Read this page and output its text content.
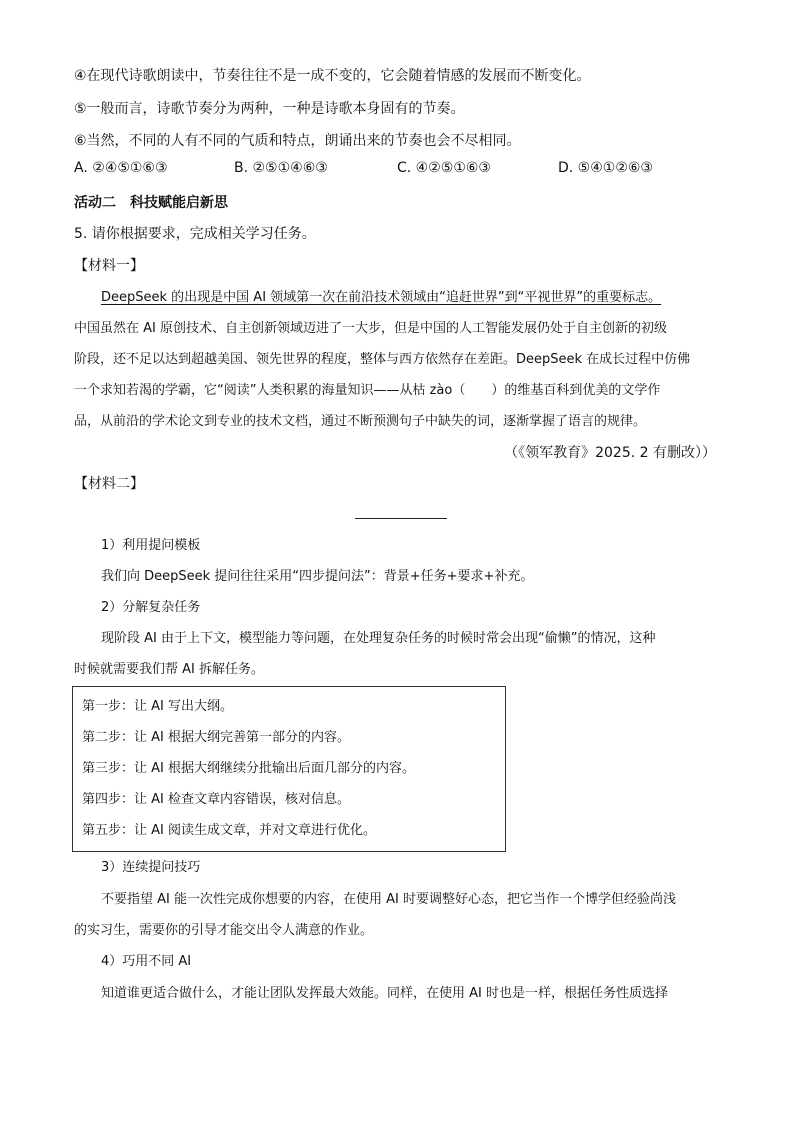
④在现代诗歌朗读中，节奏往往不是一成不变的，它会随着情感的发展而不断变化。
⑤一般而言，诗歌节奏分为两种，一种是诗歌本身固有的节奏。
⑥当然，不同的人有不同的气质和特点，朗诵出来的节奏也会不尽相同。
A. ②④⑤①⑥③	B. ②⑤①④⑥③	C. ④②⑤①⑥③	D. ⑤④①②⑥③
活动二　科技赋能启新思
5. 请你根据要求，完成相关学习任务。
【材料一】
DeepSeek 的出现是中国 AI 领域第一次在前沿技术领域由“追赶世界”到“平视世界”的重要标志。
中国虽然在 AI 原创技术、自主创新领域迈进了一大步，但是中国的人工智能发展仍处于自主创新的初级
阶段，还不足以达到超越美国、领先世界的程度，整体与西方依然存在差距。DeepSeek 在成长过程中仿佛
一个求知若渴的学霸，它“阅读”人类积累的海量知识——从枯 zào（　　）的维基百科到优美的文学作
品，从前沿的学术论文到专业的技术文档，通过不断预测句子中缺失的词，逐渐掌握了语言的规律。
（《领军教育》2025. 2 有删改））
【材料二】
1）利用提问模板
我们向 DeepSeek 提问往往采用“四步提问法”：背景+任务+要求+补充。
2）分解复杂任务
现阶段 AI 由于上下文，模型能力等问题，在处理复杂任务的时候时常会出现“偷懒”的情况，这种
时候就需要我们帮 AI 拆解任务。
第一步：让 AI 写出大纲。
第二步：让 AI 根据大纲完善第一部分的内容。
第三步：让 AI 根据大纲继续分批输出后面几部分的内容。
第四步：让 AI 检查文章内容错误，核对信息。
第五步：让 AI 阅读生成文章，并对文章进行优化。
3）连续提问技巧
不要指望 AI 能一次性完成你想要的内容，在使用 AI 时要调整好心态，把它当作一个博学但经验尚浅
的实习生，需要你的引导才能交出令人满意的作业。
4）巧用不同 AI
知道谁更适合做什么，才能让团队发挥最大效能。同样，在使用 AI 时也是一样，根据任务性质选择
